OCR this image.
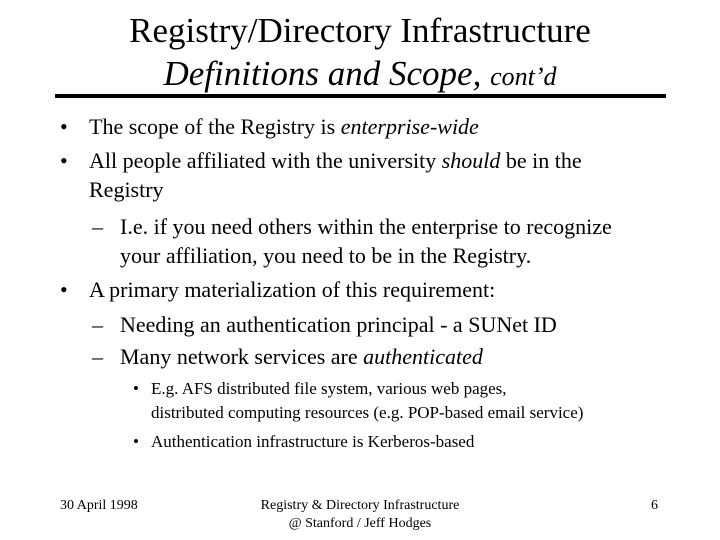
Registry/Directory Infrastructure
Definitions and Scope, cont’d
• The scope of the Registry is enterprise-wide
• All people affiliated with the university should be in the
Registry
– I.e. if you need others within the enterprise to recognize
your affiliation, you need to be in the Registry.
• A primary materialization of this requirement:
– Needing an authentication principal - a SUNet ID
– Many network services are authenticated
• E.g. AFS distributed file system, various web pages,
distributed computing resources (e.g. POP-based email service)
• Authentication infrastructure is Kerberos-based
30 April 1998	Registry & Directory Infrastructure
@ Stanford / Jeff Hodges
6
